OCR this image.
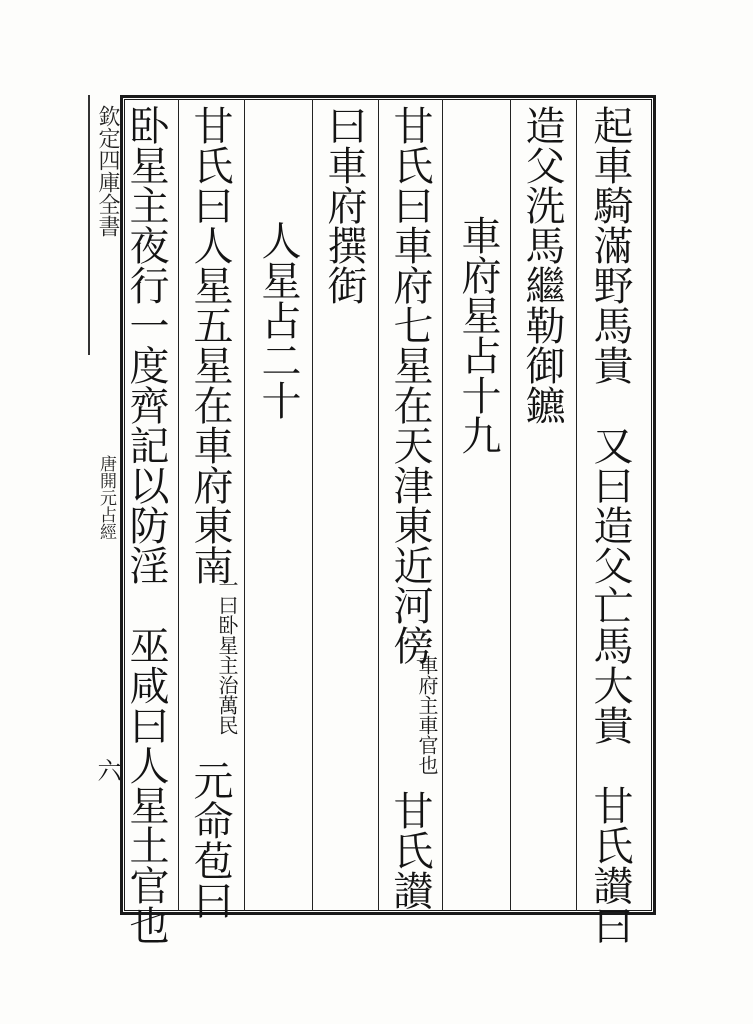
欽定四庫全書
唐開元占經
六	起車騎滿野馬貴　又曰造父亡馬大貴　甘氏讃曰
造父洗馬繼勒御鑣
車府星占十九
甘氏曰車府七星在天津東近河傍
車府主車官也
甘氏讃
曰車府撰衘
人星占二十
甘氏曰人星五星在車府東南
一曰卧星主治萬民
元命苞曰
卧星主夜行一度齊記以防淫　巫咸曰人星土官也
